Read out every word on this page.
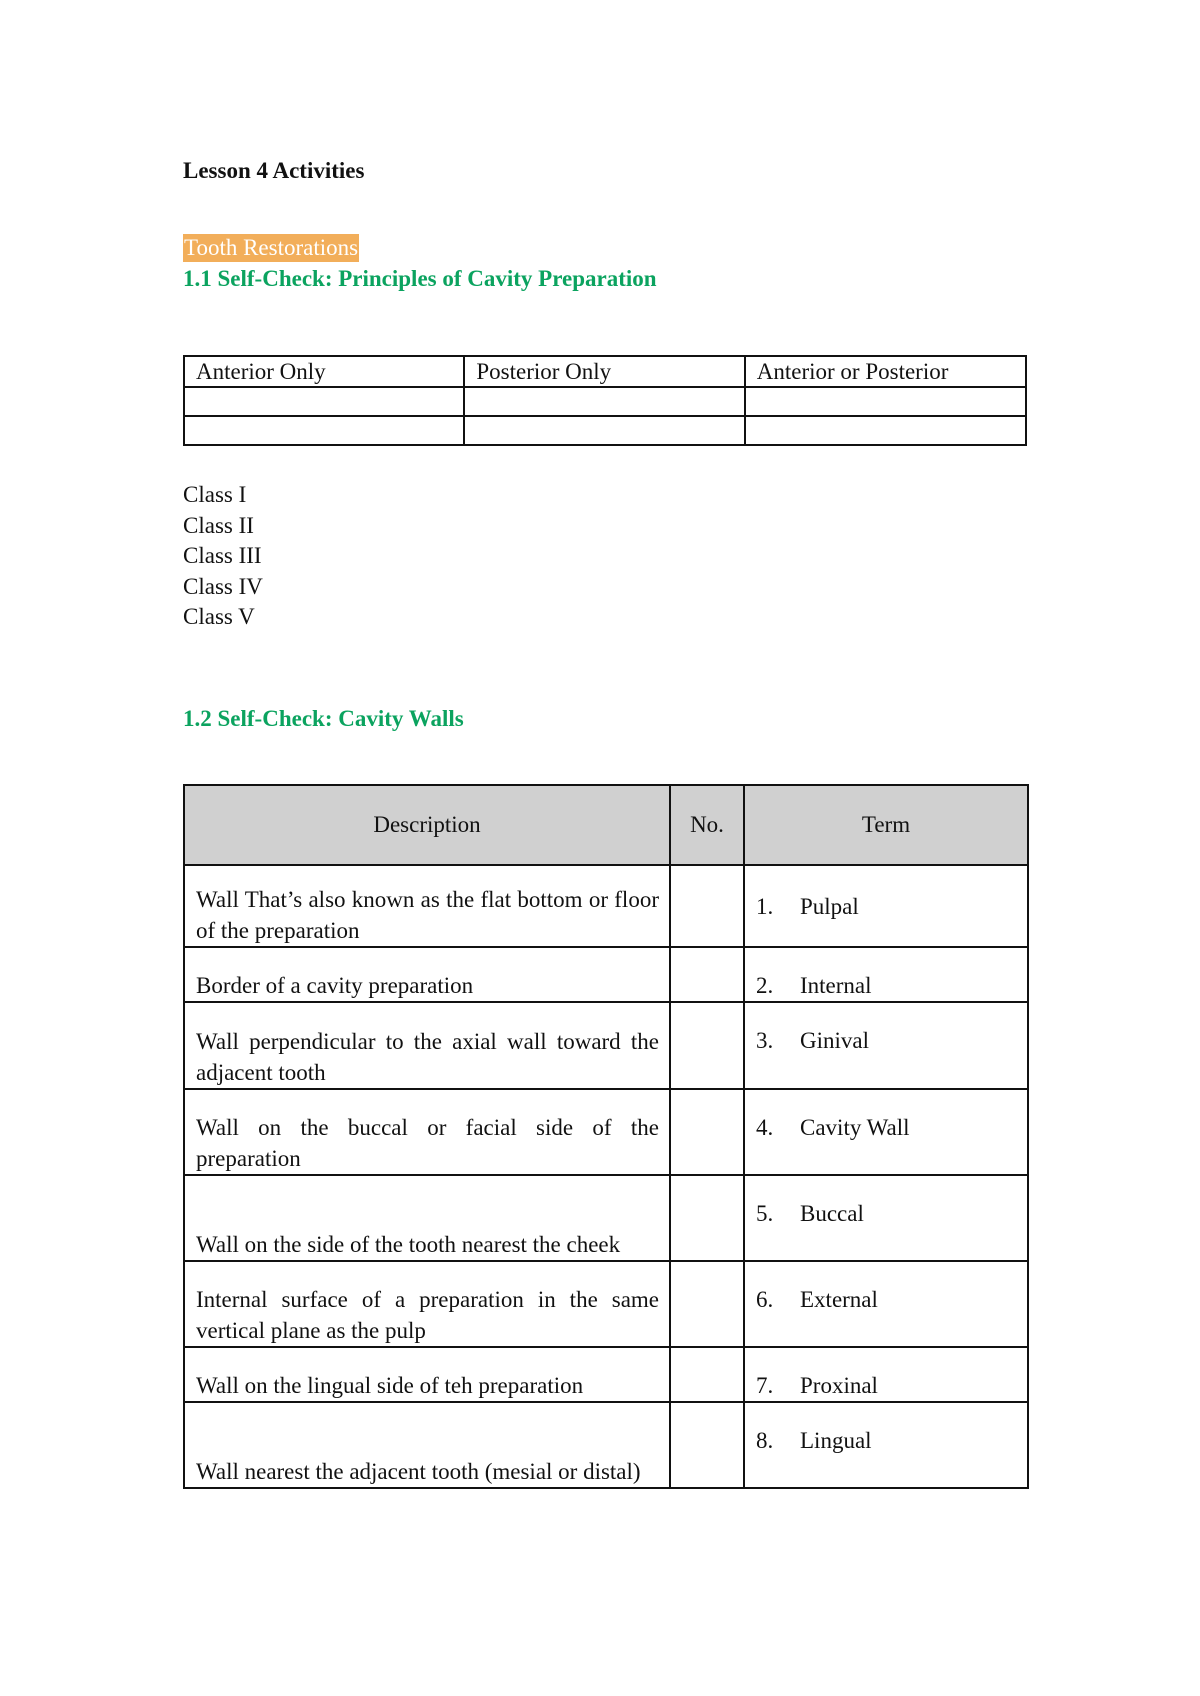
Lesson 4 Activities
Tooth Restorations
1.1 Self-Check: Principles of Cavity Preparation
Anterior Only	Posterior Only	Anterior or Posterior

Class I
Class II
Class III
Class IV
Class V
1.2 Self-Check: Cavity Walls
Description	No.	Term
Wall That’s also known as the flat bottom or floor of the preparation		1. Pulpal
Border of a cavity preparation		2. Internal
Wall perpendicular to the axial wall toward the adjacent tooth		3. Ginival
Wall on the buccal or facial side of the preparation		4. Cavity Wall
Wall on the side of the tooth nearest the cheek		5. Buccal
Internal surface of a preparation in the same vertical plane as the pulp		6. External
Wall on the lingual side of teh preparation		7. Proxinal
Wall nearest the adjacent tooth (mesial or distal)		8. Lingual
